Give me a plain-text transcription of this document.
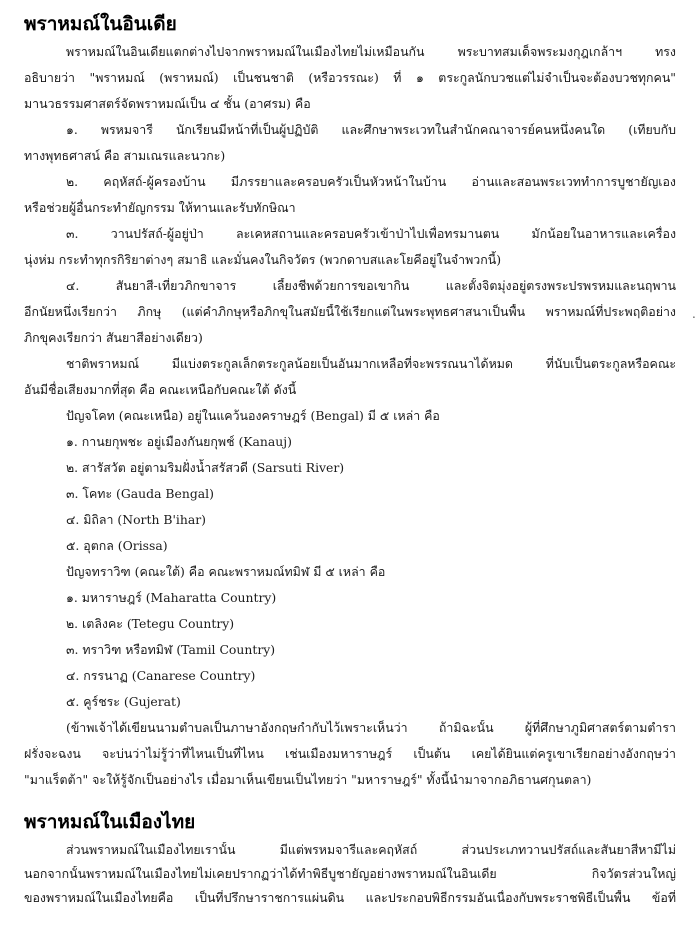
พราหมณ์ในอินเดีย
พราหมณ์ในอินเดียแตกต่างไปจากพราหมณ์ในเมืองไทยไม่เหมือนกัน พระบาทสมเด็จพระมงกุฎเกล้าฯ ทรง
อธิบายว่า "พราหมณ์ (พราหมณ์) เป็นชนชาติ (หรือวรรณะ) ที่ ๑ ตระกูลนักบวชแต่ไม่จำเป็นจะต้องบวชทุกคน"
มานวธรรมศาสตร์จัดพราหมณ์เป็น ๔ ชั้น (อาศรม) คือ
๑. พรหมจารี นักเรียนมีหน้าที่เป็นผู้ปฏิบัติ และศึกษาพระเวทในสำนักคณาจารย์คนหนึ่งคนใด (เทียบกับ
ทางพุทธศาสน์ คือ สามเณรและนวกะ)
๒. คฤหัสถ์-ผู้ครองบ้าน มีภรรยาและครอบครัวเป็นหัวหน้าในบ้าน อ่านและสอนพระเวททำการบูชายัญเอง
หรือช่วยผู้อื่นกระทำยัญกรรม ให้ทานและรับทักษิณา
๓. วานปรัสถ์-ผู้อยู่ป่า ละเคหสถานและครอบครัวเข้าป่าไปเพื่อทรมานตน มักน้อยในอาหารและเครื่อง
นุ่งห่ม กระทำทุกรกิริยาต่างๆ สมาธิ และมั่นคงในกิจวัตร (พวกดาบสและโยคีอยู่ในจำพวกนี้)
๔. สันยาสี-เที่ยวภิกขาจาร เลี้ยงชีพด้วยการขอเขากิน และตั้งจิตมุ่งอยู่ตรงพระปรพรหมและนฤพาน
อีกนัยหนึ่งเรียกว่า ภิกษุ (แต่คำภิกษุหรือภิกขุในสมัยนี้ใช้เรียกแต่ในพระพุทธศาสนาเป็นพื้น พราหมณ์ที่ประพฤติอย่าง
ภิกขุคงเรียกว่า สันยาสีอย่างเดียว)
ชาติพราหมณ์ มีแบ่งตระกูลเล็กตระกูลน้อยเป็นอันมากเหลือที่จะพรรณนาได้หมด ที่นับเป็นตระกูลหรือคณะ
อันมีชื่อเสียงมากที่สุด คือ คณะเหนือกับคณะใต้ ดังนี้
ปัญจโคท (คณะเหนือ) อยู่ในแคว้นองคราษฎร์ (Bengal) มี ๕ เหล่า คือ
๑. กานยกุพชะ อยู่เมืองกันยกุพช์ (Kanauj)
๒. สารัสวัต อยู่ตามริมฝั่งน้ำสรัสวดี (Sarsuti River)
๓. โคทะ (Gauda Bengal)
๔. มิถิลา (North B'ihar)
๕. อุตกล (Orissa)
ปัญจทราวิฑ (คณะใต้) คือ คณะพราหมณ์ทมิฬ มี ๕ เหล่า คือ
๑. มหาราษฎร์ (Maharatta Country)
๒. เตลิงคะ (Tetegu Country)
๓. ทราวิฑ หรือทมิฬ (Tamil Country)
๔. กรรนาฏ (Canarese Country)
๕. คูร์ชระ (Gujerat)
(ข้าพเจ้าได้เขียนนามตำบลเป็นภาษาอังกฤษกำกับไว้เพราะเห็นว่า ถ้ามิฉะนั้น ผู้ที่ศึกษาภูมิศาสตร์ตามตำรา
ฝรั่งจะฉงน จะบ่นว่าไม่รู้ว่าที่ไหนเป็นที่ไหน เช่นเมืองมหาราษฎร์ เป็นต้น เคยได้ยินแต่ครูเขาเรียกอย่างอังกฤษว่า
"มาแร็ตต้า" จะให้รู้จักเป็นอย่างไร เมื่อมาเห็นเขียนเป็นไทยว่า "มหาราษฎร์" ทั้งนี้นำมาจากอภิธานศกุนตลา)
พราหมณ์ในเมืองไทย
ส่วนพราหมณ์ในเมืองไทยเรานั้น มีแต่พรหมจารีและคฤหัสถ์ ส่วนประเภทวานปรัสถ์และสันยาสีหามีไม่
นอกจากนั้นพราหมณ์ในเมืองไทยไม่เคยปรากฏว่าได้ทำพิธีบูชายัญอย่างพราหมณ์ในอินเดีย กิจวัตรส่วนใหญ่
ของพราหมณ์ในเมืองไทยคือ เป็นที่ปรึกษาราชการแผ่นดิน และประกอบพิธีกรรมอันเนื่องกับพระราชพิธีเป็นพื้น ข้อที่
.
